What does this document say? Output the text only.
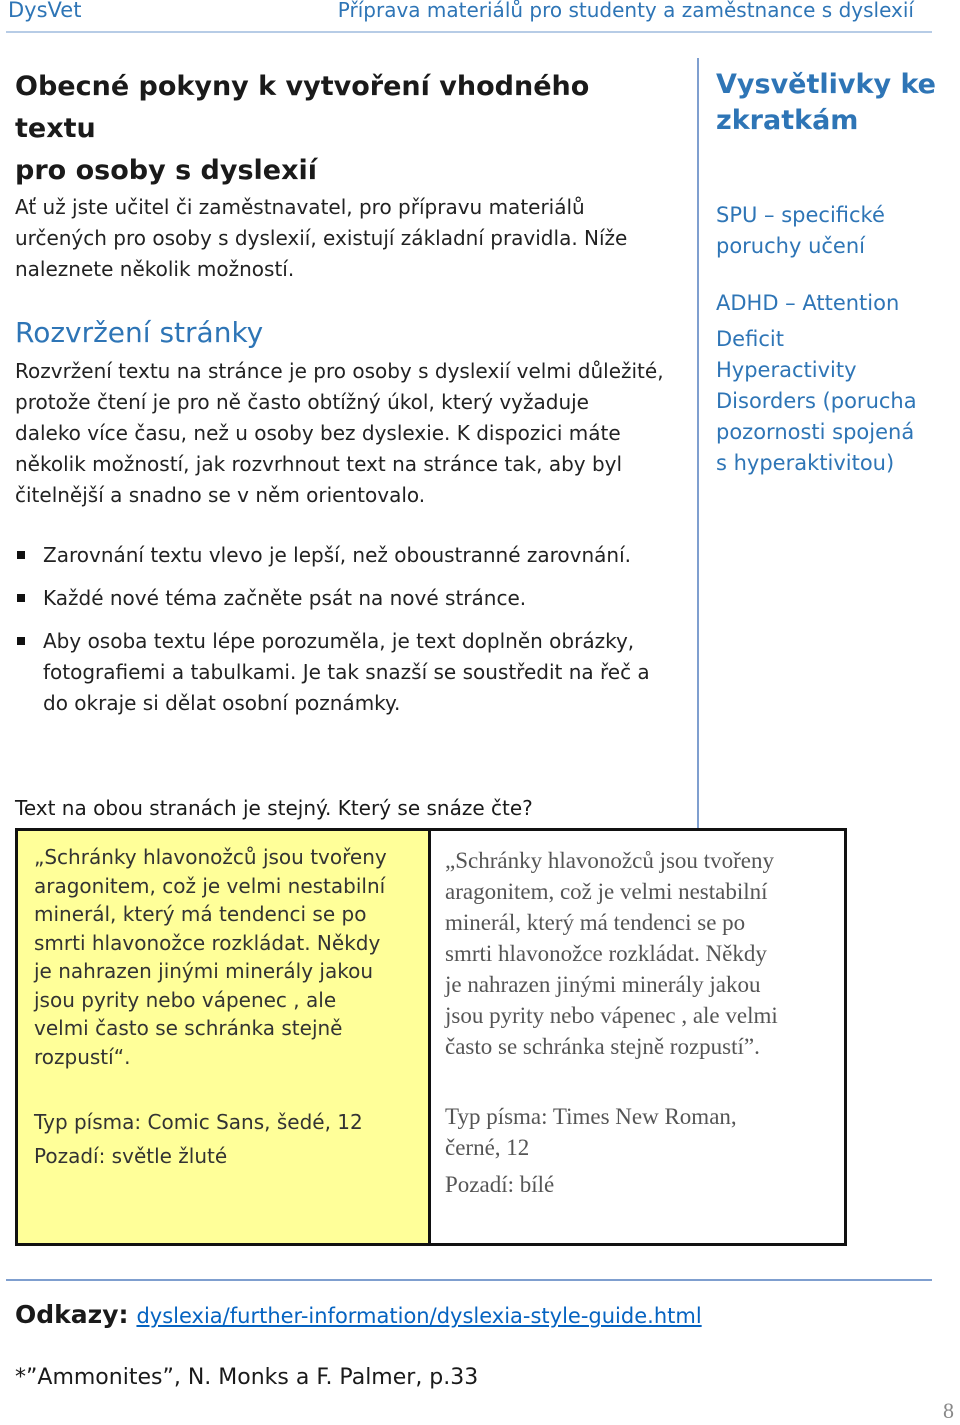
DysVet	Příprava materiálů pro studenty a zaměstnance s dyslexií
Obecné pokyny k vytvoření vhodného textu
pro osoby s dyslexií

Ať už jste učitel či zaměstnavatel, pro přípravu materiálů
určených pro osoby s dyslexií, existují základní pravidla. Níže
naleznete několik možností.

Rozvržení stránky

Rozvržení textu na stránce je pro osoby s dyslexií velmi důležité,
protože čtení je pro ně často obtížný úkol, který vyžaduje
daleko více času, než u osoby bez dyslexie. K dispozici máte
několik možností, jak rozvrhnout text na stránce tak, aby byl
čitelnější a snadno se v něm orientovalo.

Zarovnání textu vlevo je lepší, než oboustranné zarovnání.
Každé nové téma začněte psát na nové stránce.
Aby osoba textu lépe porozuměla, je text doplněn obrázky,
fotografiemi a tabulkami. Je tak snazší se soustředit na řeč a
do okraje si dělat osobní poznámky.
Vysvětlivky ke
zkratkám

SPU – specifické
poruchy učení

ADHD – Attention
Deficit
Hyperactivity
Disorders (porucha
pozornosti spojená
s hyperaktivitou)

Text na obou stranách je stejný. Který se snáze čte?

„Schránky hlavonožců jsou tvořeny
aragonitem, což je velmi nestabilní
minerál, který má tendenci se po
smrti hlavonožce rozkládat. Někdy
je nahrazen jinými minerály jakou
jsou pyrity nebo vápenec , ale
velmi často se schránka stejně
rozpustí“.
Typ písma: Comic Sans, šedé, 12
Pozadí: světle žluté
„Schránky hlavonožců jsou tvořeny
aragonitem, což je velmi nestabilní
minerál, který má tendenci se po
smrti hlavonožce rozkládat. Někdy
je nahrazen jinými minerály jakou
jsou pyrity nebo vápenec , ale velmi
často se schránka stejně rozpustí”.
Typ písma: Times New Roman,
černé, 12
Pozadí: bílé

Odkazy: dyslexia/further-information/dyslexia-style-guide.html

*”Ammonites”, N. Monks a F. Palmer, p.33

8
